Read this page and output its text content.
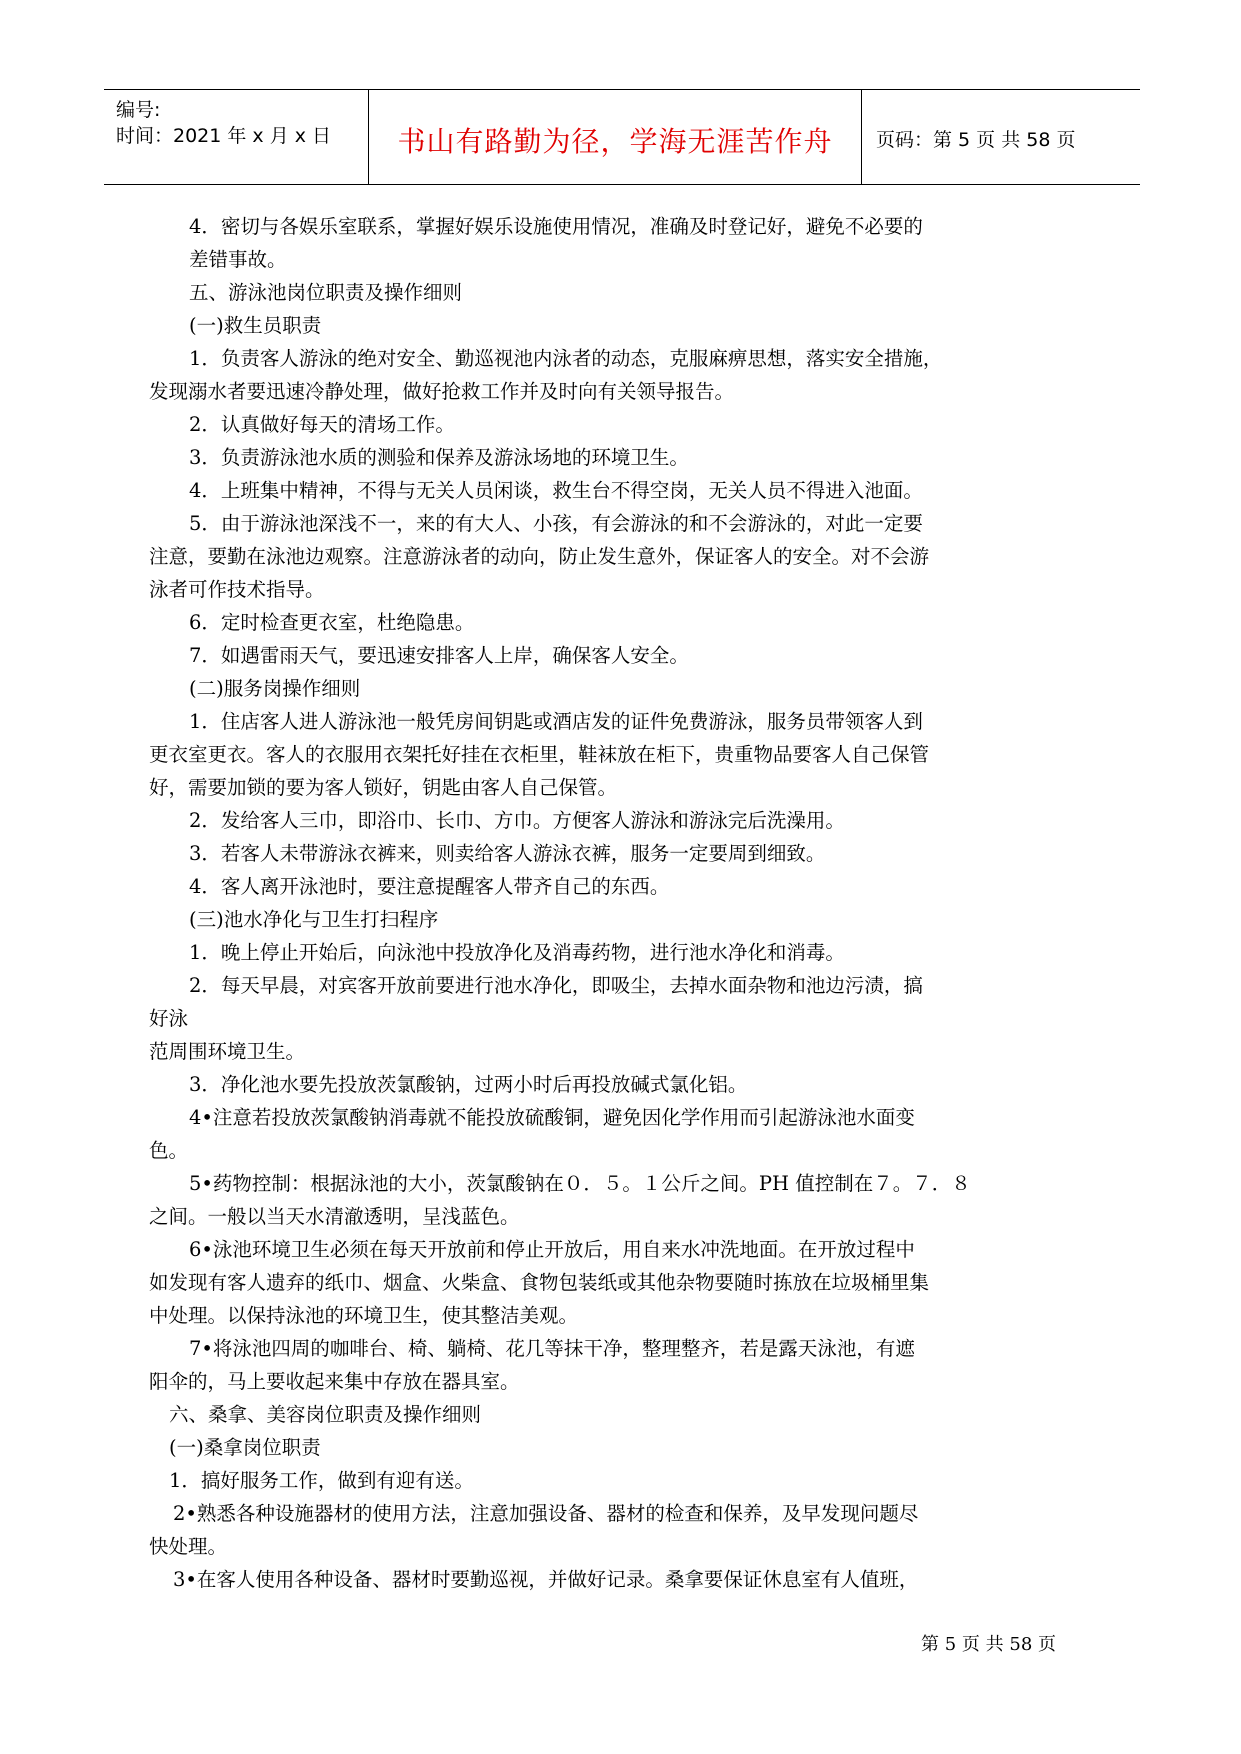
编号:
时间：2021 年 x 月 x 日	书山有路勤为径，学海无涯苦作舟	页码：第 5 页 共 58 页
4．密切与各娱乐室联系，掌握好娱乐设施使用情况，准确及时登记好，避免不必要的
差错事故。
五、游泳池岗位职责及操作细则
(一)救生员职责
1．负责客人游泳的绝对安全、勤巡视池内泳者的动态，克服麻痹思想，落实安全措施，
发现溺水者要迅速冷静处理，做好抢救工作并及时向有关领导报告。
2．认真做好每天的清场工作。
3．负责游泳池水质的测验和保养及游泳场地的环境卫生。
4．上班集中精神，不得与无关人员闲谈，救生台不得空岗，无关人员不得进入池面。
5．由于游泳池深浅不一，来的有大人、小孩，有会游泳的和不会游泳的，对此一定要
注意，要勤在泳池边观察。注意游泳者的动向，防止发生意外，保证客人的安全。对不会游
泳者可作技术指导。
6．定时检查更衣室，杜绝隐患。
7．如遇雷雨天气，要迅速安排客人上岸，确保客人安全。
(二)服务岗操作细则
1．住店客人进人游泳池一般凭房间钥匙或酒店发的证件免费游泳，服务员带领客人到
更衣室更衣。客人的衣服用衣架托好挂在衣柜里，鞋袜放在柜下，贵重物品要客人自己保管
好，需要加锁的要为客人锁好，钥匙由客人自己保管。
2．发给客人三巾，即浴巾、长巾、方巾。方便客人游泳和游泳完后洗澡用。
3．若客人未带游泳衣裤来，则卖给客人游泳衣裤，服务一定要周到细致。
4．客人离开泳池时，要注意提醒客人带齐自己的东西。
(三)池水净化与卫生打扫程序
1．晚上停止开始后，向泳池中投放净化及消毒药物，进行池水净化和消毒。
2．每天早晨，对宾客开放前要进行池水净化，即吸尘，去掉水面杂物和池边污渍，搞
好泳
范周围环境卫生。
3．净化池水要先投放茨氯酸钠，过两小时后再投放碱式氯化铝。
4•注意若投放茨氯酸钠消毒就不能投放硫酸铜，避免因化学作用而引起游泳池水面变
色。
5•药物控制：根据泳池的大小，茨氯酸钠在０．５。１公斤之间。PH 值控制在７。７．８
之间。一般以当天水清澈透明，呈浅蓝色。
6•泳池环境卫生必须在每天开放前和停止开放后，用自来水冲洗地面。在开放过程中
如发现有客人遗弃的纸巾、烟盒、火柴盒、食物包装纸或其他杂物要随时拣放在垃圾桶里集
中处理。以保持泳池的环境卫生，使其整洁美观。
7•将泳池四周的咖啡台、椅、躺椅、花几等抹干净，整理整齐，若是露天泳池，有遮
阳伞的，马上要收起来集中存放在器具室。
六、桑拿、美容岗位职责及操作细则
(一)桑拿岗位职责
1．搞好服务工作，做到有迎有送。
2•熟悉各种设施器材的使用方法，注意加强设备、器材的检查和保养，及早发现问题尽
快处理。
3•在客人使用各种设备、器材时要勤巡视，并做好记录。桑拿要保证休息室有人值班，
第 5 页 共 58 页
